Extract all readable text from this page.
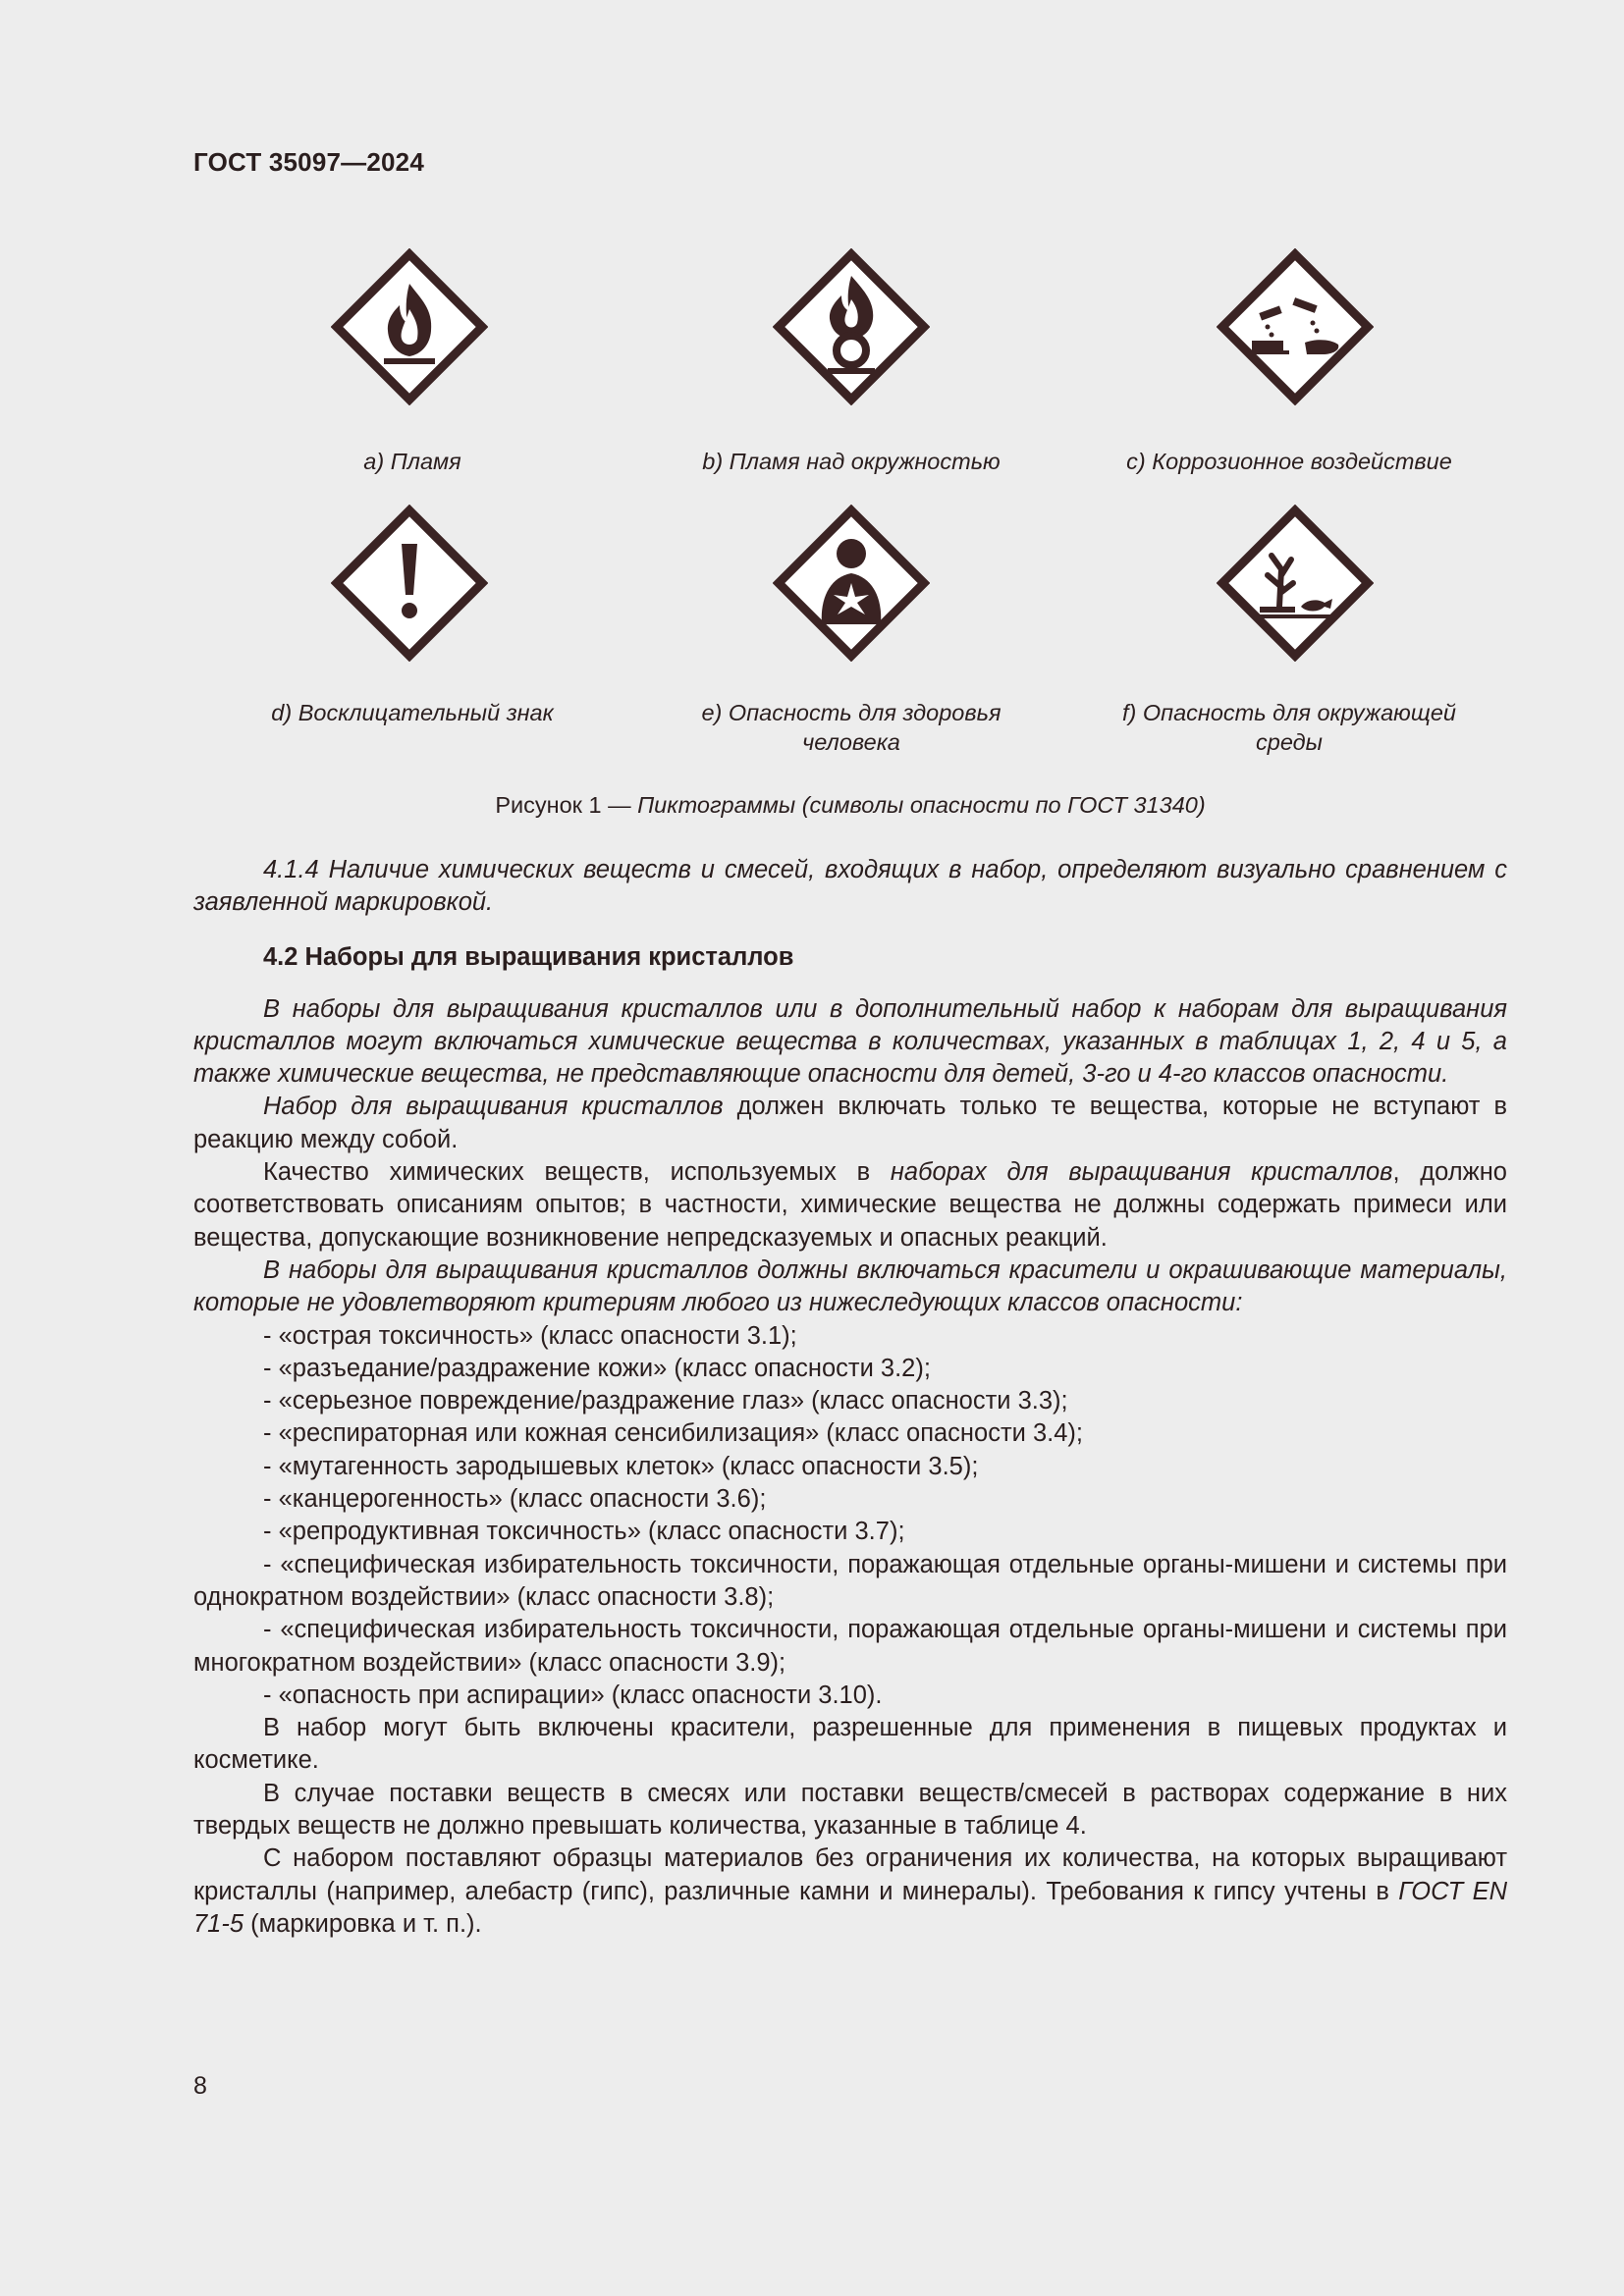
ГОСТ 35097—2024
a) Пламя	b) Пламя над окружностью	c) Коррозионное воздействие
d) Восклицательный знак	e) Опасность для здоровья
человека
f) Опасность для окружающей
среды
Рисунок 1 — Пиктограммы (символы опасности по ГОСТ 31340)

4.1.4 Наличие химических веществ и смесей, входящих в набор, определяют визуально сравнением с заявленной маркировкой.

4.2 Наборы для выращивания кристаллов

В наборы для выращивания кристаллов или в дополнительный набор к наборам для выращивания кристаллов могут включаться химические вещества в количествах, указанных в таблицах 1, 2, 4 и 5, а также химические вещества, не представляющие опасности для детей, 3-го и 4-го классов опасности.

Набор для выращивания кристаллов должен включать только те вещества, которые не вступают в реакцию между собой.

Качество химических веществ, используемых в наборах для выращивания кристаллов, должно соответствовать описаниям опытов; в частности, химические вещества не должны содержать примеси или вещества, допускающие возникновение непредсказуемых и опасных реакций.

В наборы для выращивания кристаллов должны включаться красители и окрашивающие материалы, которые не удовлетворяют критериям любого из нижеследующих классов опасности:

- «острая токсичность» (класс опасности 3.1);

- «разъедание/раздражение кожи» (класс опасности 3.2);

- «серьезное повреждение/раздражение глаз» (класс опасности 3.3);

- «респираторная или кожная сенсибилизация» (класс опасности 3.4);

- «мутагенность зародышевых клеток» (класс опасности 3.5);

- «канцерогенность» (класс опасности 3.6);

- «репродуктивная токсичность» (класс опасности 3.7);

- «специфическая избирательность токсичности, поражающая отдельные органы-мишени и системы при однократном воздействии» (класс опасности 3.8);

- «специфическая избирательность токсичности, поражающая отдельные органы-мишени и системы при многократном воздействии» (класс опасности 3.9);

- «опасность при аспирации» (класс опасности 3.10).

В набор могут быть включены красители, разрешенные для применения в пищевых продуктах и косметике.

В случае поставки веществ в смесях или поставки веществ/смесей в растворах содержание в них твердых веществ не должно превышать количества, указанные в таблице 4.

С набором поставляют образцы материалов без ограничения их количества, на которых выращивают кристаллы (например, алебастр (гипс), различные камни и минералы). Требования к гипсу учтены в ГОСТ EN 71-5 (маркировка и т. п.).

8
